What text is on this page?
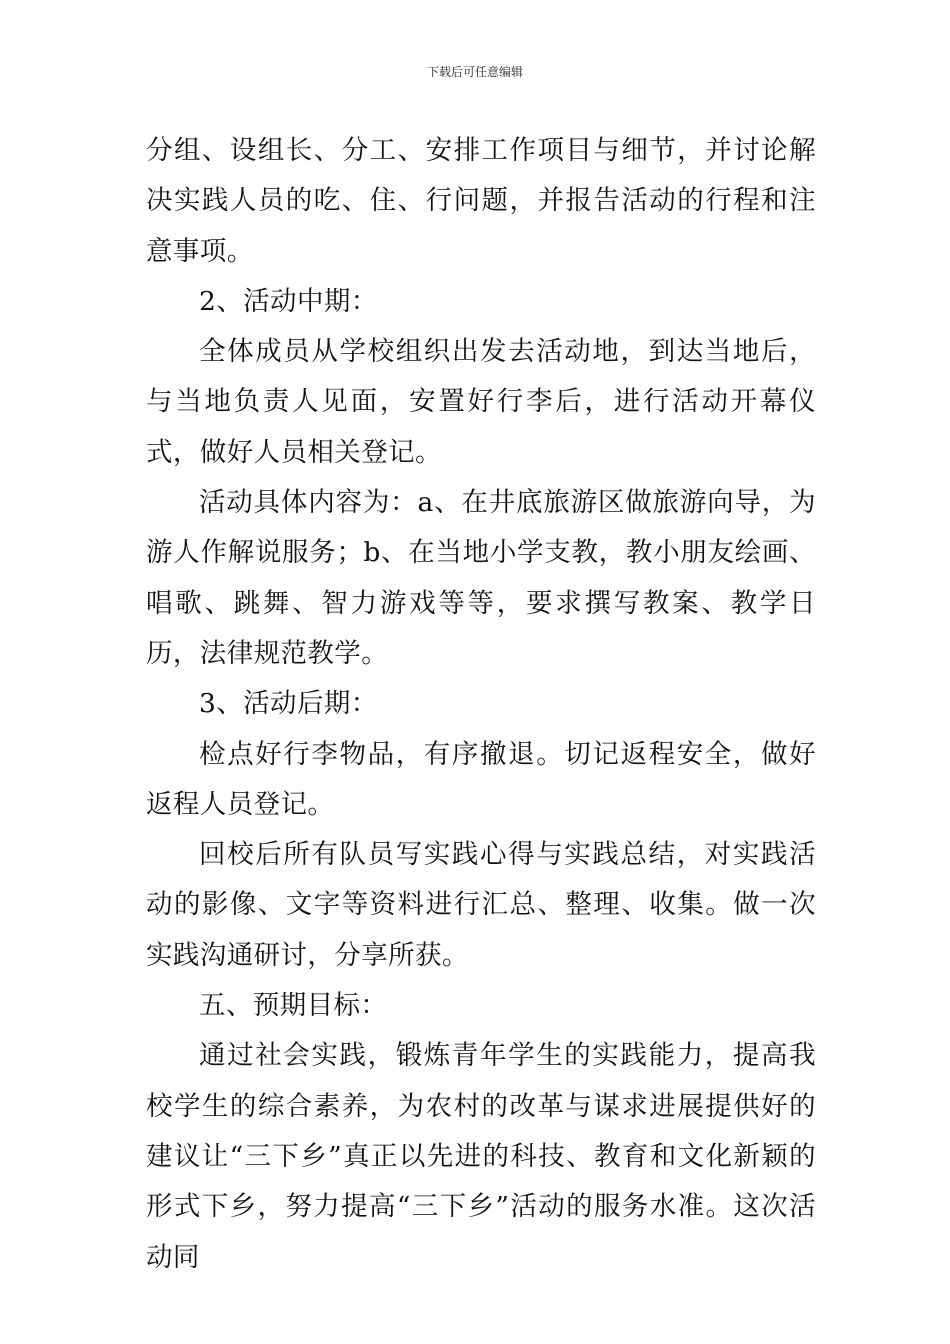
下载后可任意编辑

分组、设组长、分工、安排工作项目与细节，并讨论解决实践人员的吃、住、行问题，并报告活动的行程和注意事项。

2、活动中期：

全体成员从学校组织出发去活动地，到达当地后，与当地负责人见面，安置好行李后，进行活动开幕仪式，做好人员相关登记。

活动具体内容为：a、在井底旅游区做旅游向导，为游人作解说服务；b、在当地小学支教，教小朋友绘画、唱歌、跳舞、智力游戏等等，要求撰写教案、教学日历，法律规范教学。

3、活动后期：

检点好行李物品，有序撤退。切记返程安全，做好返程人员登记。

回校后所有队员写实践心得与实践总结，对实践活动的影像、文字等资料进行汇总、整理、收集。做一次实践沟通研讨，分享所获。

五、预期目标：

通过社会实践，锻炼青年学生的实践能力，提高我校学生的综合素养，为农村的改革与谋求进展提供好的建议让“三下乡”真正以先进的科技、教育和文化新颖的形式下乡，努力提高“三下乡”活动的服务水准。这次活动同
